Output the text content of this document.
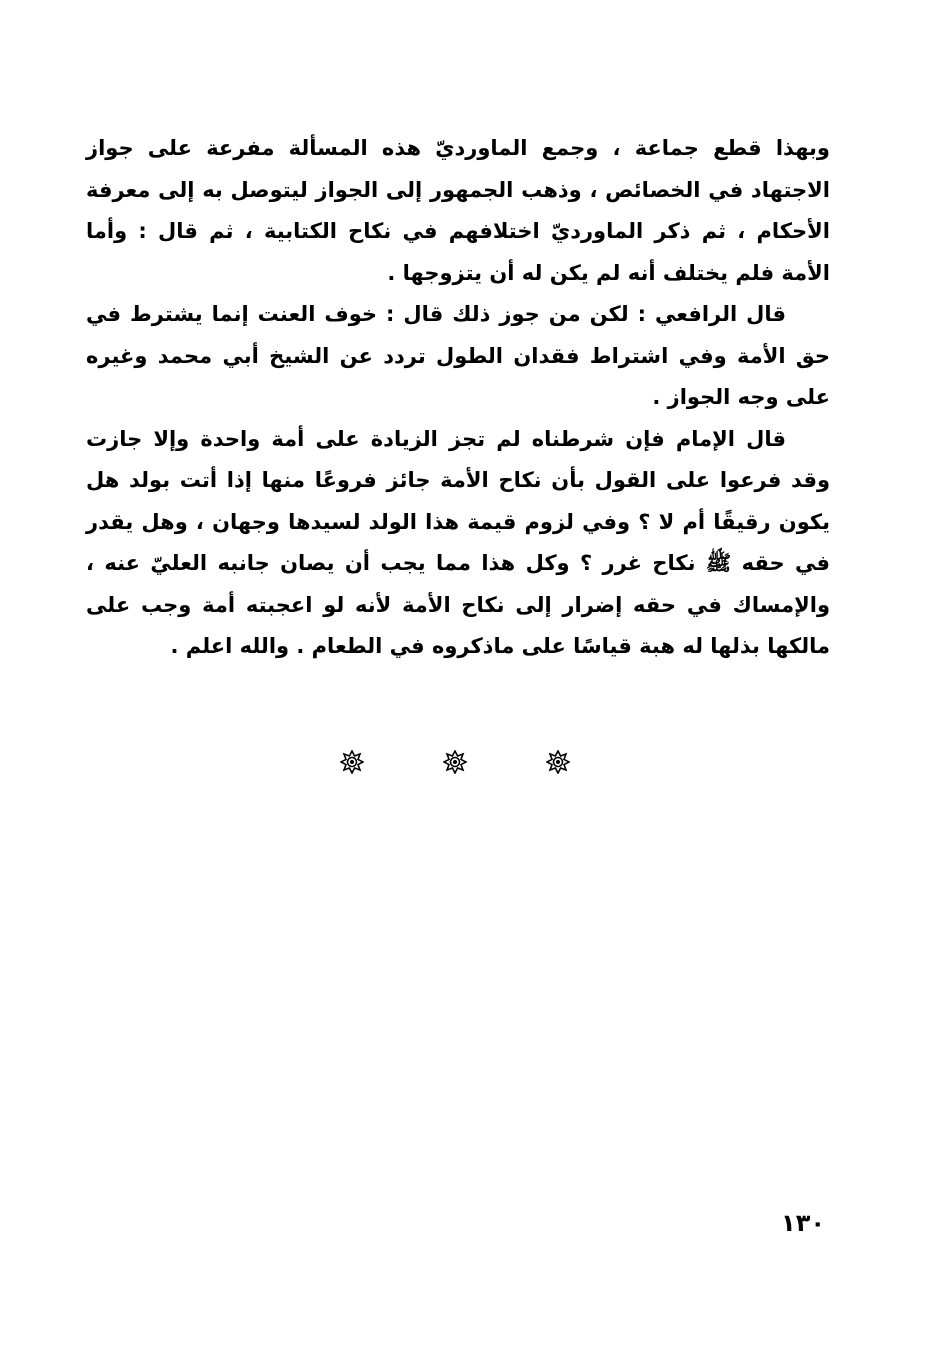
وبهذا قطع جماعة ، وجمع الماورديّ هذه المسألة مفرعة على جواز الاجتهاد في الخصائص ، وذهب الجمهور إلى الجواز ليتوصل به إلى معرفة الأحكام ، ثم ذكر الماورديّ اختلافهم في نكاح الكتابية ، ثم قال : وأما الأمة فلم يختلف أنه لم يكن له أن يتزوجها .

قال الرافعي : لكن من جوز ذلك قال : خوف العنت إنما يشترط في حق الأمة وفي اشتراط فقدان الطول تردد عن الشيخ أبي محمد وغيره على وجه الجواز .

قال الإمام فإن شرطناه لم تجز الزيادة على أمة واحدة وإلا جازت وقد فرعوا على القول بأن نكاح الأمة جائز فروعًا منها إذا أتت بولد هل يكون رقيقًا أم لا ؟ وفي لزوم قيمة هذا الولد لسيدها وجهان ، وهل يقدر في حقه ﷺ نكاح غرر ؟ وكل هذا مما يجب أن يصان جانبه العليّ عنه ، والإمساك في حقه إضرار إلى نكاح الأمة لأنه لو اعجبته أمة وجب على مالكها بذلها له هبة قياسًا على ماذكروه في الطعام . والله اعلم .

١٣٠
